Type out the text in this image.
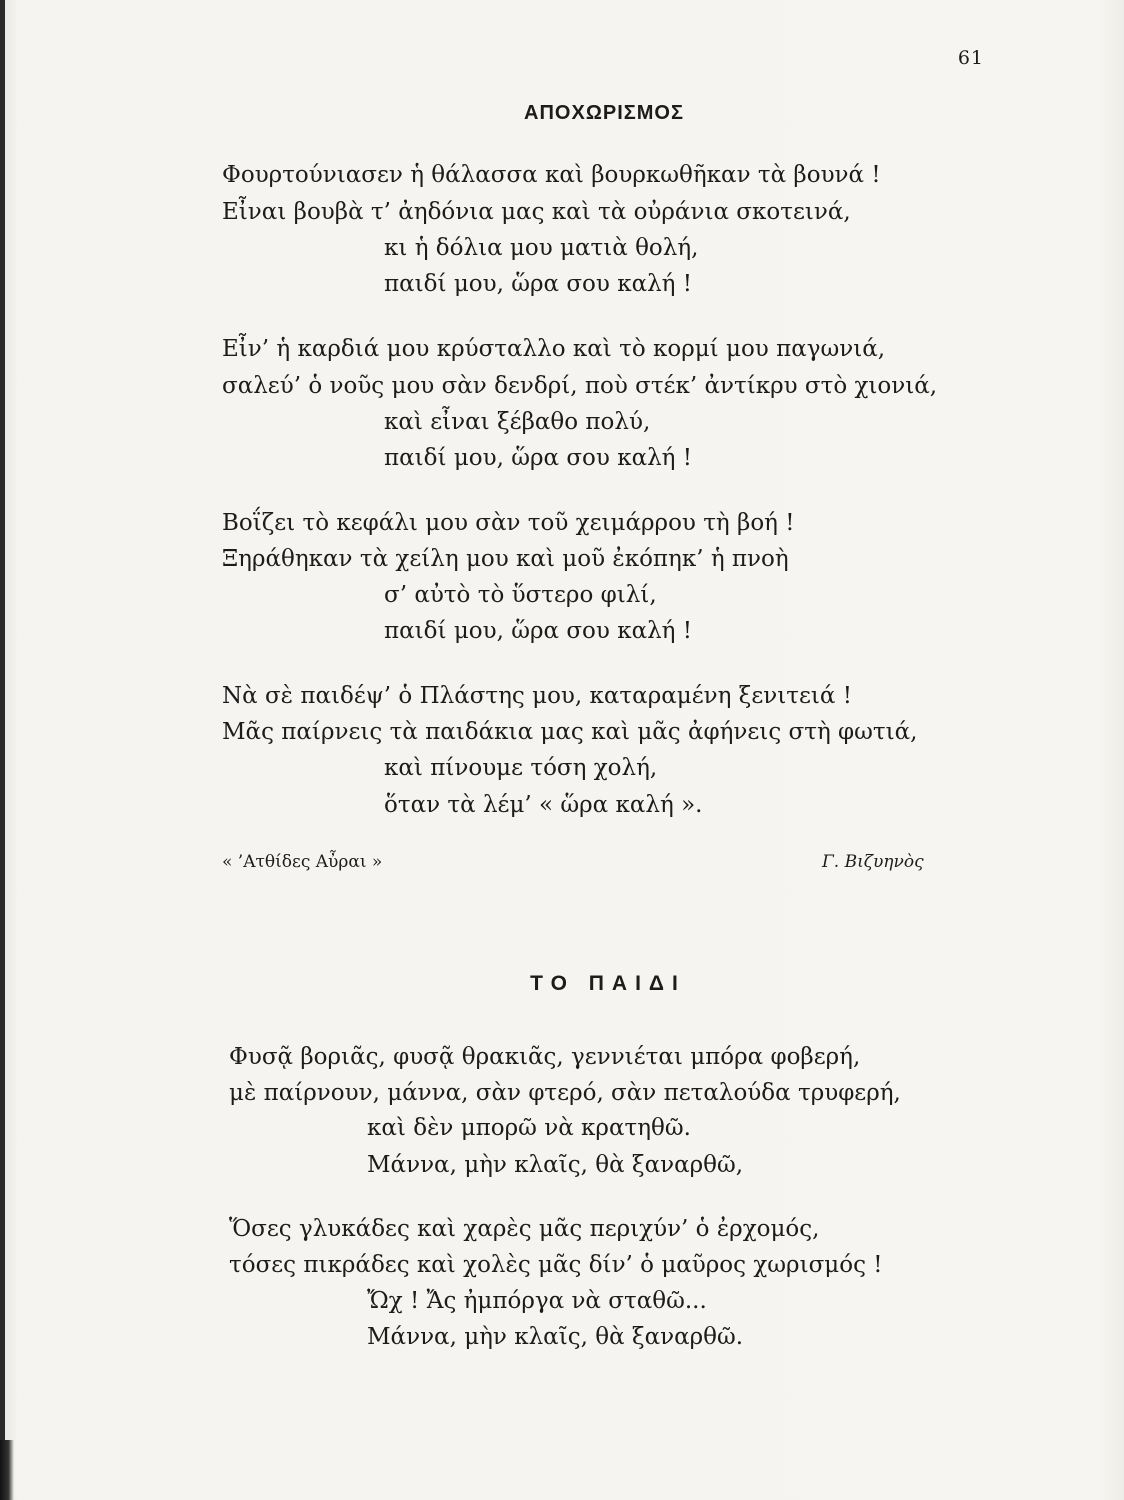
61
ΑΠΟΧΩΡΙΣΜΟΣ
Φουρτούνιασεν ἡ θάλασσα καὶ βουρκωθῆκαν τὰ βουνά !
Εἶναι βουβὰ τ’ ἀηδόνια μας καὶ τὰ οὐράνια σκοτεινά,
κι ἡ δόλια μου ματιὰ θολή,
παιδί μου, ὥρα σου καλή !
Εἶν’ ἡ καρδιά μου κρύσταλλο καὶ τὸ κορμί μου παγωνιά,
σαλεύ’ ὁ νοῦς μου σὰν δενδρί, ποὺ στέκ’ ἀντίκρυ στὸ χιονιά,
καὶ εἶναι ξέβαθο πολύ,
παιδί μου, ὥρα σου καλή !
Βοΐζει τὸ κεφάλι μου σὰν τοῦ χειμάρρου τὴ βοή !
Ξηράθηκαν τὰ χείλη μου καὶ μοῦ ἐκόπηκ’ ἡ πνοὴ
σ’ αὐτὸ τὸ ὕστερο φιλί,
παιδί μου, ὥρα σου καλή !
Νὰ σὲ παιδέψ’ ὁ Πλάστης μου, καταραμένη ξενιτειά !
Μᾶς παίρνεις τὰ παιδάκια μας καὶ μᾶς ἀφήνεις στὴ φωτιά,
καὶ πίνουμε τόση χολή,
ὅταν τὰ λέμ’ « ὥρα καλή ».
« ’Ατθίδες Αὖραι »	Γ. Βιζυηνὸς
ΤΟ ΠΑΙΔΙ
Φυσᾷ βοριᾶς, φυσᾷ θρακιᾶς, γεννιέται μπόρα φοβερή,
μὲ παίρνουν, μάννα, σὰν φτερό, σὰν πεταλούδα τρυφερή,
καὶ δὲν μπορῶ νὰ κρατηθῶ.
Μάννα, μὴν κλαῖς, θὰ ξαναρθῶ,
Ὅσες γλυκάδες καὶ χαρὲς μᾶς περιχύν’ ὁ ἐρχομός,
τόσες πικράδες καὶ χολὲς μᾶς δίν’ ὁ μαῦρος χωρισμός !
Ὤχ ! Ἄς ἠμπόργα νὰ σταθῶ...
Μάννα, μὴν κλαῖς, θὰ ξαναρθῶ.
